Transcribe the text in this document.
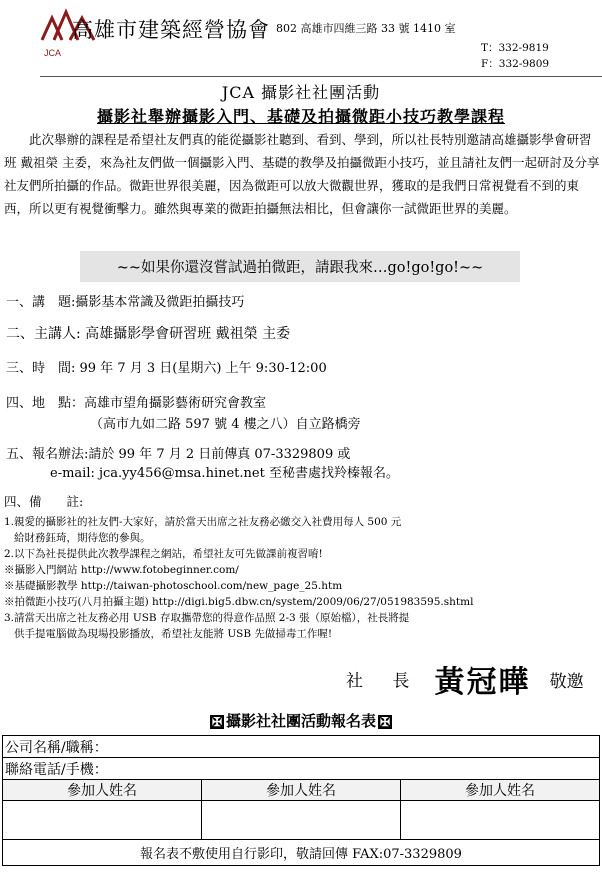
JCA
高雄市建築經營協會 802 高雄市四維三路 33 號 1410 室
T：332-9819
F：332-9809
JCA 攝影社社團活動
攝影社舉辦攝影入門、基礎及拍攝微距小技巧教學課程
此次舉辦的課程是希望社友們真的能從攝影社聽到、看到、學到，所以社長特別邀請高雄攝影學會研習班 戴祖榮 主委，來為社友們做一個攝影入門、基礎的教學及拍攝微距小技巧，並且請社友們一起研討及分享社友們所拍攝的作品。微距世界很美麗，因為微距可以放大微觀世界，獲取的是我們日常視覺看不到的東西，所以更有視覺衝擊力。雖然與專業的微距拍攝無法相比，但會讓你一試微距世界的美麗。
~~如果你還沒嘗試過拍微距，請跟我來…go!go!go!~~
一、講　題:攝影基本常識及微距拍攝技巧
二、主講人: 高雄攝影學會研習班 戴祖榮 主委
三、時　間: 99 年 7 月 3 日(星期六) 上午 9:30-12:00
四、地　點：高雄市望角攝影藝術研究會教室
（高市九如二路 597 號 4 樓之八）自立路橋旁
五、報名辦法:請於 99 年 7 月 2 日前傳真 07-3329809 或
e-mail: jca.yy456@msa.hinet.net 至秘書處找羚榛報名。
四、備　　註:
1.親愛的攝影社的社友們-大家好，請於當天出席之社友務必繳交入社費用每人 500 元
給財務鈺琦，期待您的參與。
2.以下為社長提供此次教學課程之網站，希望社友可先做課前複習唷!
※攝影入門網站 http://www.fotobeginner.com/
※基礎攝影教學 http://taiwan-photoschool.com/new_page_25.htm
※拍微距小技巧(八月拍攝主題) http://digi.big5.dbw.cn/system/2009/06/27/051983595.shtml
3.請當天出席之社友務必用 USB 存取攜帶您的得意作品照 2-3 張（原始檔），社長將提
供手提電腦做為現場投影播放，希望社友能將 USB 先做掃毒工作喔!
社 長 黃冠曄 敬邀
✠ 攝影社社團活動報名表 ✠
公司名稱/職稱：		
聯絡電話/手機：		
參加人姓名	參加人姓名	參加人姓名

報名表不敷使用自行影印，敬請回傳 FAX:07-3329809		
